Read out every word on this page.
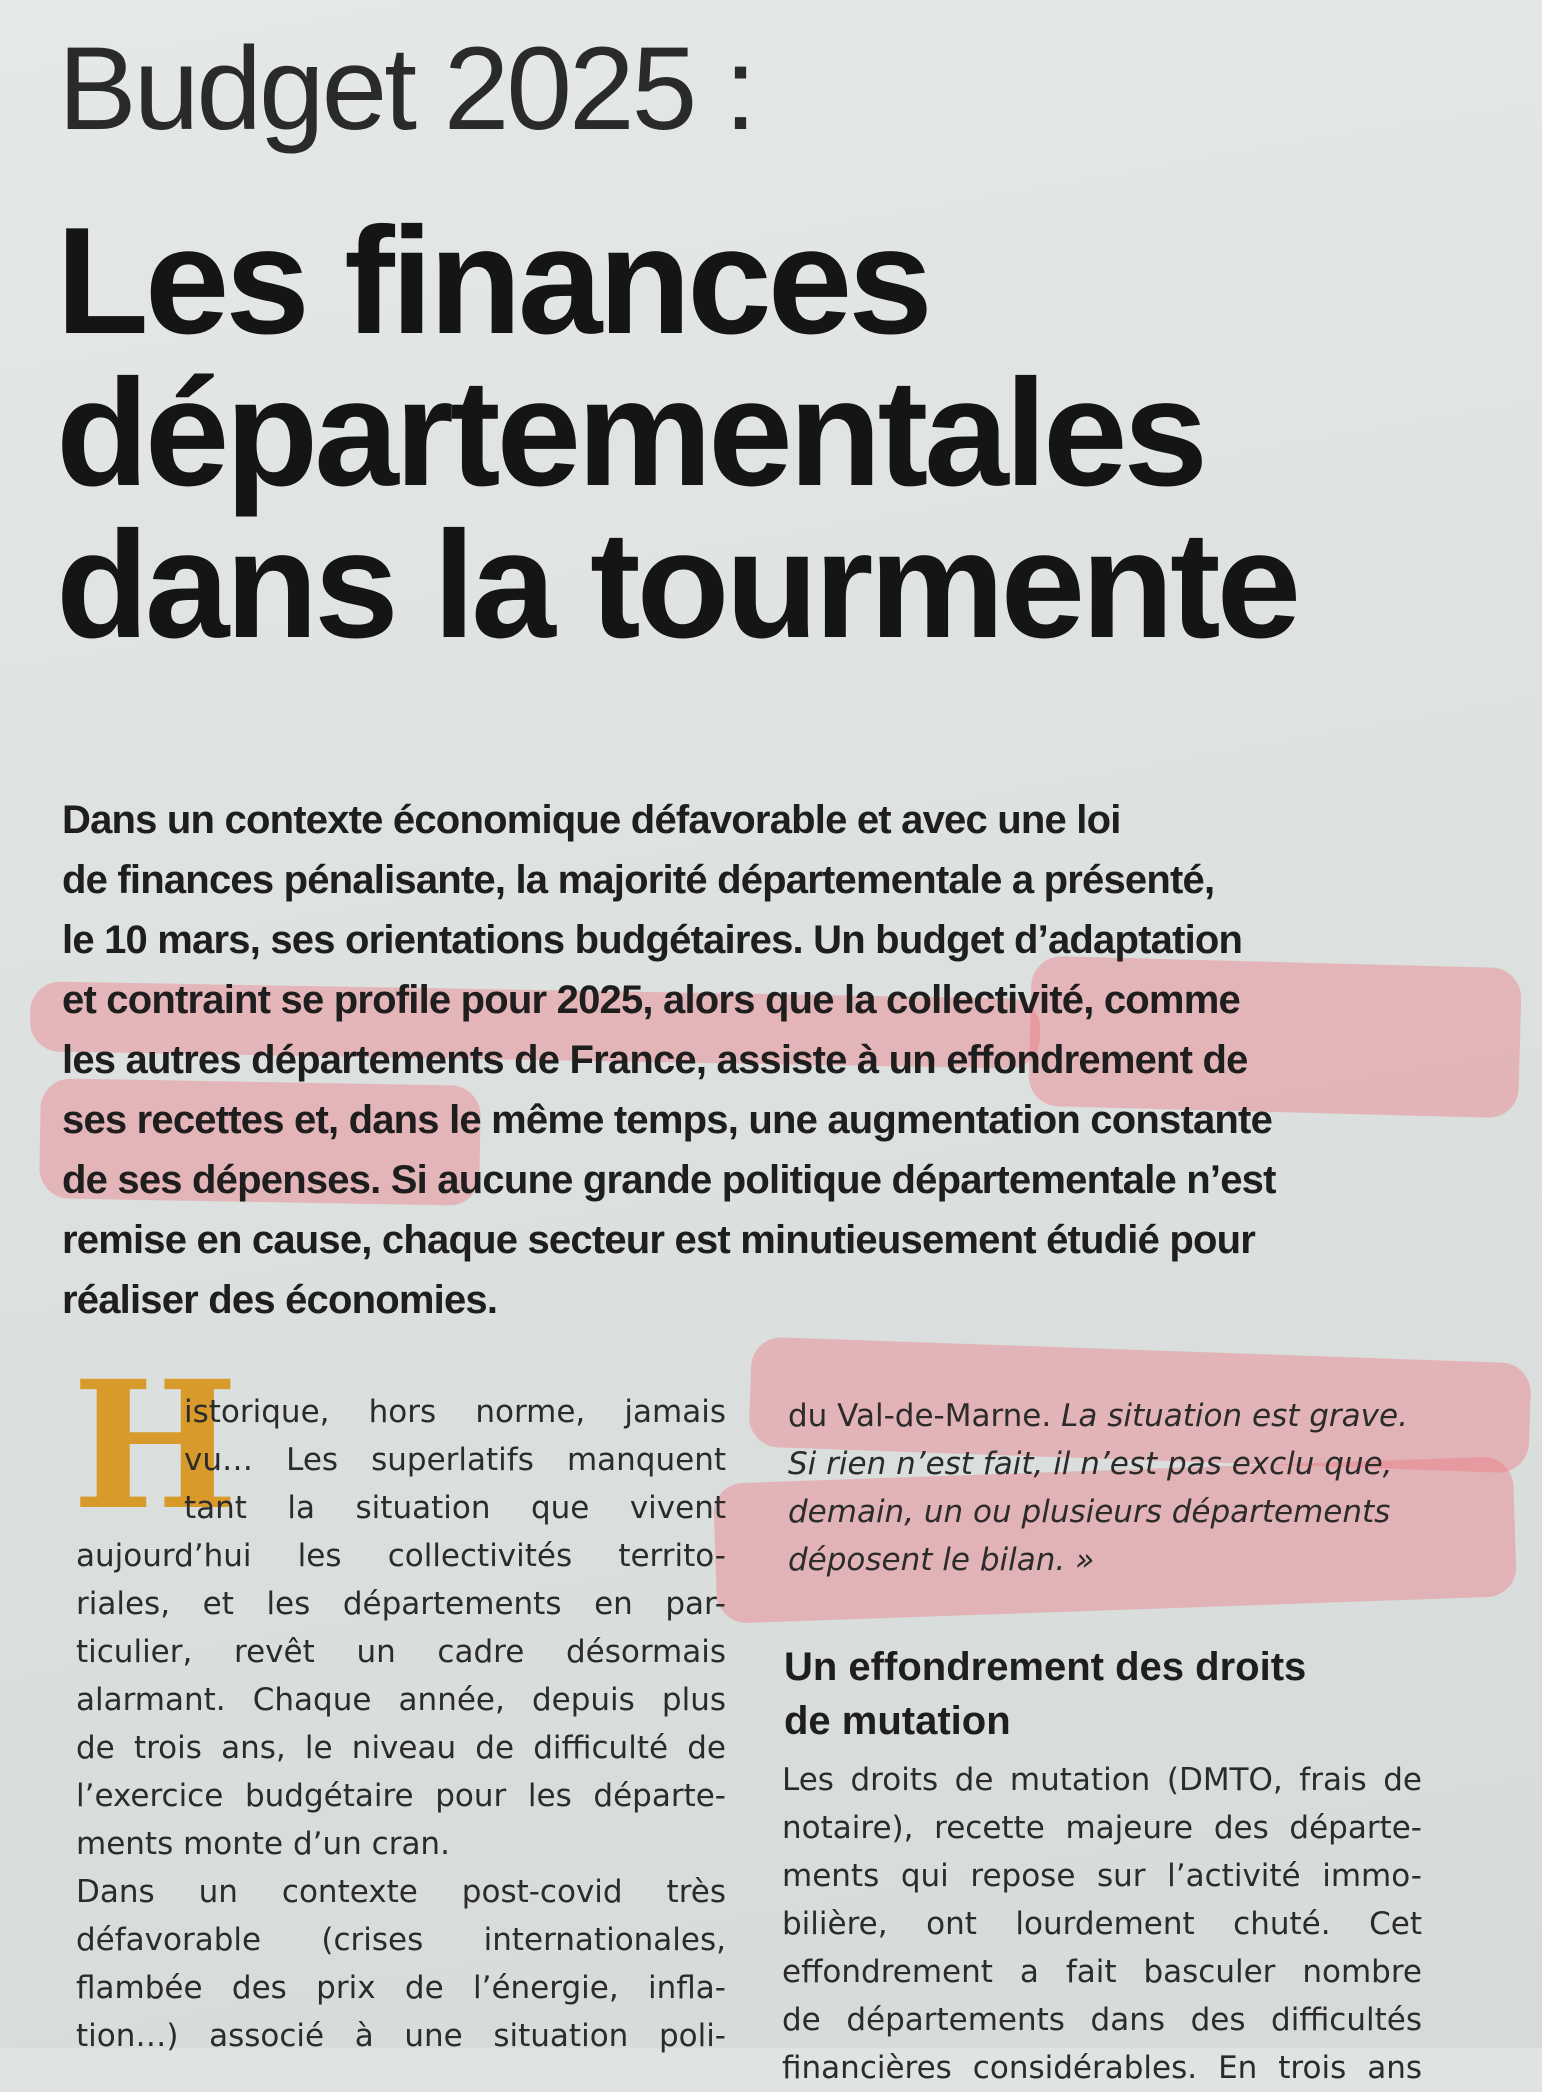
Budget 2025 :
Les finances
départementales
dans la tourmente
Dans un contexte économique défavorable et avec une loi
de finances pénalisante, la majorité départementale a présenté,
le 10 mars, ses orientations budgétaires. Un budget d’adaptation
et contraint se profile pour 2025, alors que la collectivité, comme
les autres départements de France, assiste à un effondrement de
ses recettes et, dans le même temps, une augmentation constante
de ses dépenses. Si aucune grande politique départementale n’est
remise en cause, chaque secteur est minutieusement étudié pour
réaliser des économies.
H
istorique, hors norme, jamais
vu… Les superlatifs manquent
tant la situation que vivent
aujourd’hui les collectivités territo-
riales, et les départements en par-
ticulier, revêt un cadre désormais
alarmant. Chaque année, depuis plus
de trois ans, le niveau de difficulté de
l’exercice budgétaire pour les départe-
ments monte d’un cran.
Dans un contexte post-covid très
défavorable (crises internationales,
flambée des prix de l’énergie, infla-
tion…) associé à une situation poli-

du Val-de-Marne. La situation est grave.
Si rien n’est fait, il n’est pas exclu que,
demain, un ou plusieurs départements
déposent le bilan. »

Un effondrement des droits
de mutation
Les droits de mutation (DMTO, frais de
notaire), recette majeure des départe-
ments qui repose sur l’activité immo-
bilière, ont lourdement chuté. Cet
effondrement a fait basculer nombre
de départements dans des difficultés
financières considérables. En trois ans
